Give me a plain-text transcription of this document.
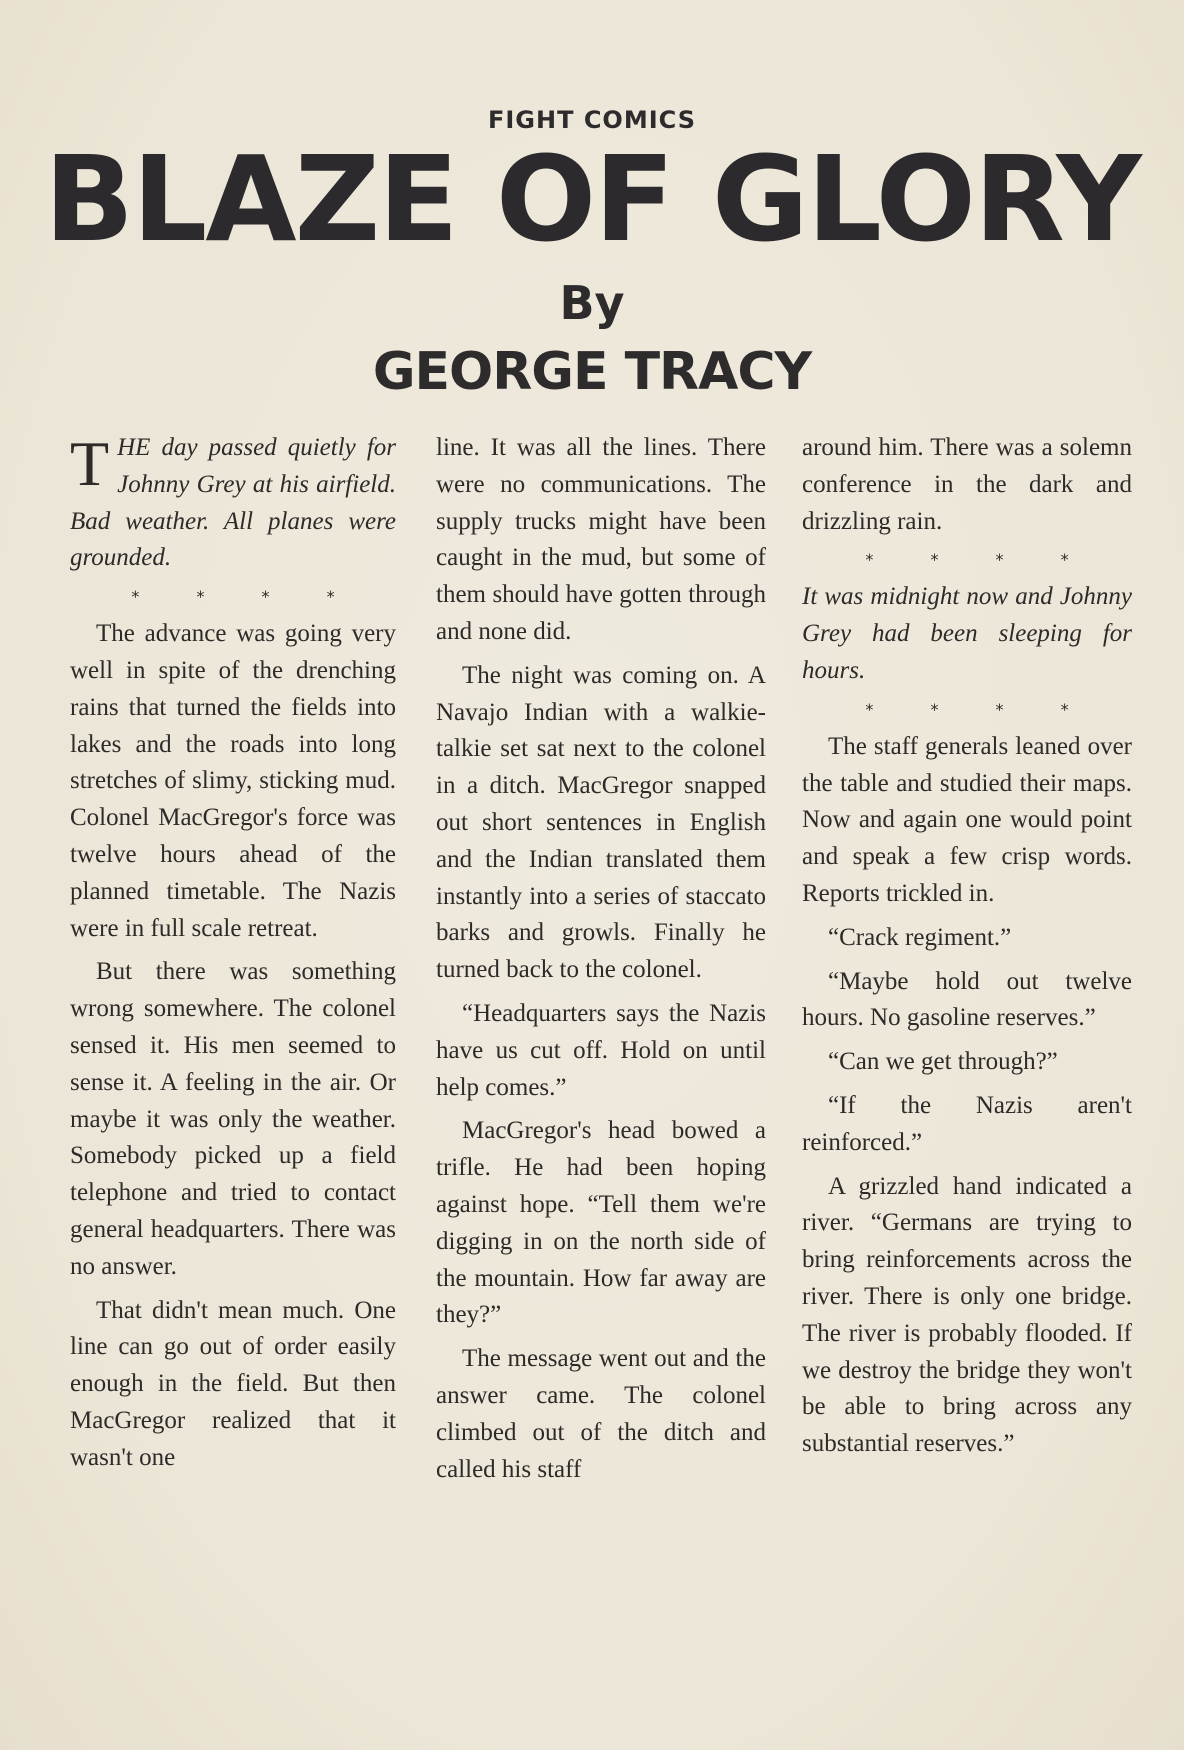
FIGHT COMICS
BLAZE OF GLORY
By
GEORGE TRACY

THE day passed quietly for Johnny Grey at his airfield. Bad weather. All planes were grounded.

* * * *

The advance was going very well in spite of the drenching rains that turned the fields into lakes and the roads into long stretches of slimy, sticking mud. Colonel MacGregor's force was twelve hours ahead of the planned timetable. The Nazis were in full scale retreat.

But there was something wrong somewhere. The colonel sensed it. His men seemed to sense it. A feeling in the air. Or maybe it was only the weather. Somebody picked up a field telephone and tried to contact general headquarters. There was no answer.

That didn't mean much. One line can go out of order easily enough in the field. But then MacGregor realized that it wasn't one

line. It was all the lines. There were no communications. The supply trucks might have been caught in the mud, but some of them should have gotten through and none did.

The night was coming on. A Navajo Indian with a walkie-talkie set sat next to the colonel in a ditch. MacGregor snapped out short sentences in English and the Indian translated them instantly into a series of staccato barks and growls. Finally he turned back to the colonel.

“Headquarters says the Nazis have us cut off. Hold on until help comes.”

MacGregor's head bowed a trifle. He had been hoping against hope. “Tell them we're digging in on the north side of the mountain. How far away are they?”

The message went out and the answer came. The colonel climbed out of the ditch and called his staff

around him. There was a solemn conference in the dark and drizzling rain.

* * * *

It was midnight now and Johnny Grey had been sleeping for hours.

* * * *

The staff generals leaned over the table and studied their maps. Now and again one would point and speak a few crisp words. Reports trickled in.

“Crack regiment.”

“Maybe hold out twelve hours. No gasoline reserves.”

“Can we get through?”

“If the Nazis aren't reinforced.”

A grizzled hand indicated a river. “Germans are trying to bring reinforcements across the river. There is only one bridge. The river is probably flooded. If we destroy the bridge they won't be able to bring across any substantial reserves.”
